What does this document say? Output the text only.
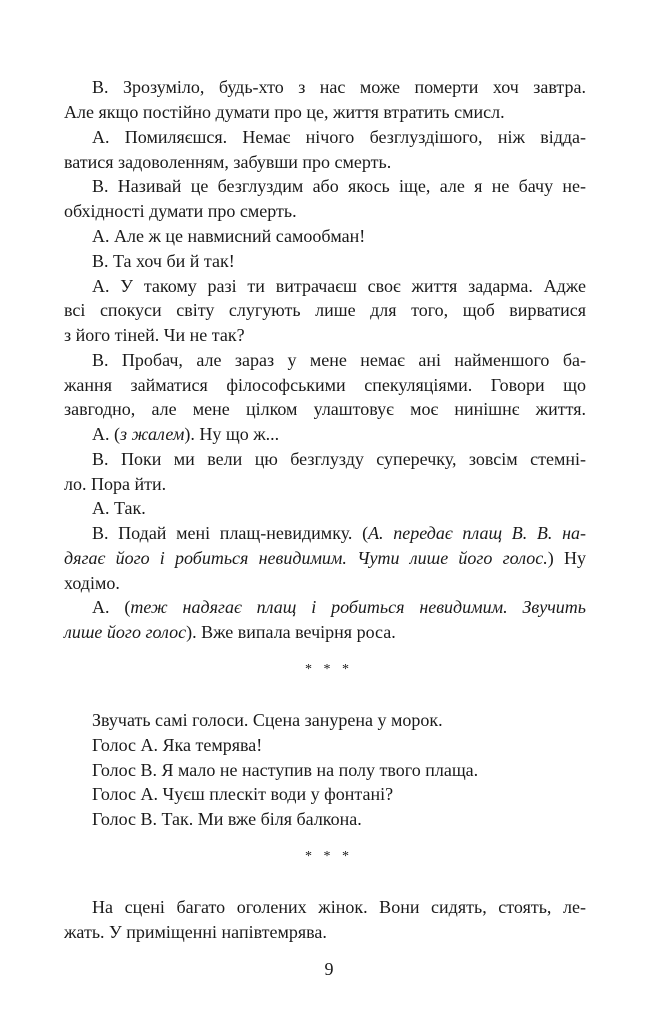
В. Зрозуміло, будь-хто з нас може померти хоч завтра.
Але якщо постійно думати про це, життя втратить смисл.
А. Помиляєшся. Немає нічого безглуздішого, ніж відда-
ватися задоволенням, забувши про смерть.
В. Називай це безглуздим або якось іще, але я не бачу не-
обхідності думати про смерть.
А. Але ж це навмисний самообман!
В. Та хоч би й так!
А. У такому разі ти витрачаєш своє життя задарма. Адже
всі спокуси світу слугують лише для того, щоб вирватися
з його тіней. Чи не так?
В. Пробач, але зараз у мене немає ані найменшого ба-
жання займатися філософськими спекуляціями. Говори що
завгодно, але мене цілком улаштовує моє нинішнє життя.
А. (з жалем). Ну що ж...
В. Поки ми вели цю безглузду суперечку, зовсім стемні-
ло. Пора йти.
А. Так.
В. Подай мені плащ-невидимку. (А. передає плащ В. В. на-
дягає його і робиться невидимим. Чути лише його голос.) Ну
ходімо.
А. (теж надягає плащ і робиться невидимим. Звучить
лише його голос). Вже випала вечірня роса.
* * *
Звучать самі голоси. Сцена занурена у морок.
Голос А. Яка темрява!
Голос В. Я мало не наступив на полу твого плаща.
Голос А. Чуєш плескіт води у фонтані?
Голос В. Так. Ми вже біля балкона.
* * *
На сцені багато оголених жінок. Вони сидять, стоять, ле-
жать. У приміщенні напівтемрява.
9
